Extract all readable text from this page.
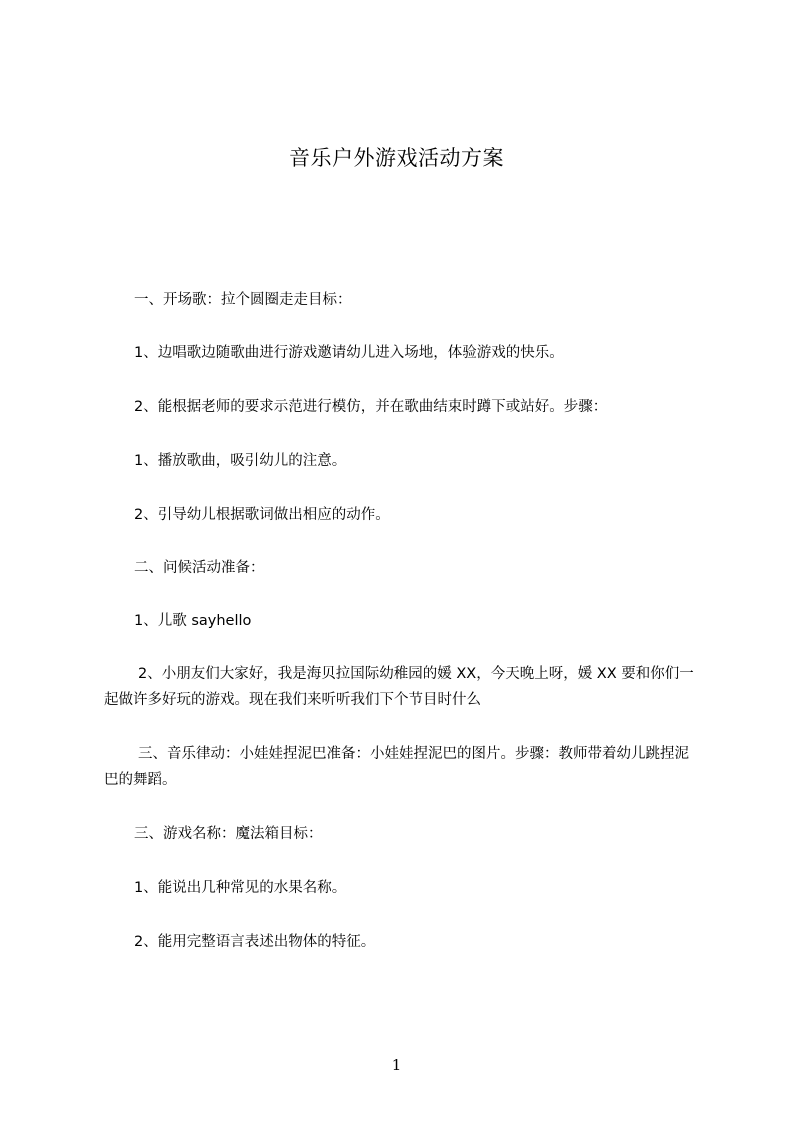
音乐户外游戏活动方案
一、开场歌：拉个圆圈走走目标：
1、边唱歌边随歌曲进行游戏邀请幼儿进入场地，体验游戏的快乐。
2、能根据老师的要求示范进行模仿，并在歌曲结束时蹲下或站好。步骤：
1、播放歌曲，吸引幼儿的注意。
2、引导幼儿根据歌词做出相应的动作。
二、问候活动准备：
1、儿歌 sayhello
2、小朋友们大家好，我是海贝拉国际幼稚园的媛 XX，今天晚上呀，媛 XX 要和你们一起做许多好玩的游戏。现在我们来听听我们下个节目时什么
三、音乐律动：小娃娃捏泥巴准备：小娃娃捏泥巴的图片。步骤：教师带着幼儿跳捏泥巴的舞蹈。
三、游戏名称：魔法箱目标：
1、能说出几种常见的水果名称。
2、能用完整语言表述出物体的特征。
1
